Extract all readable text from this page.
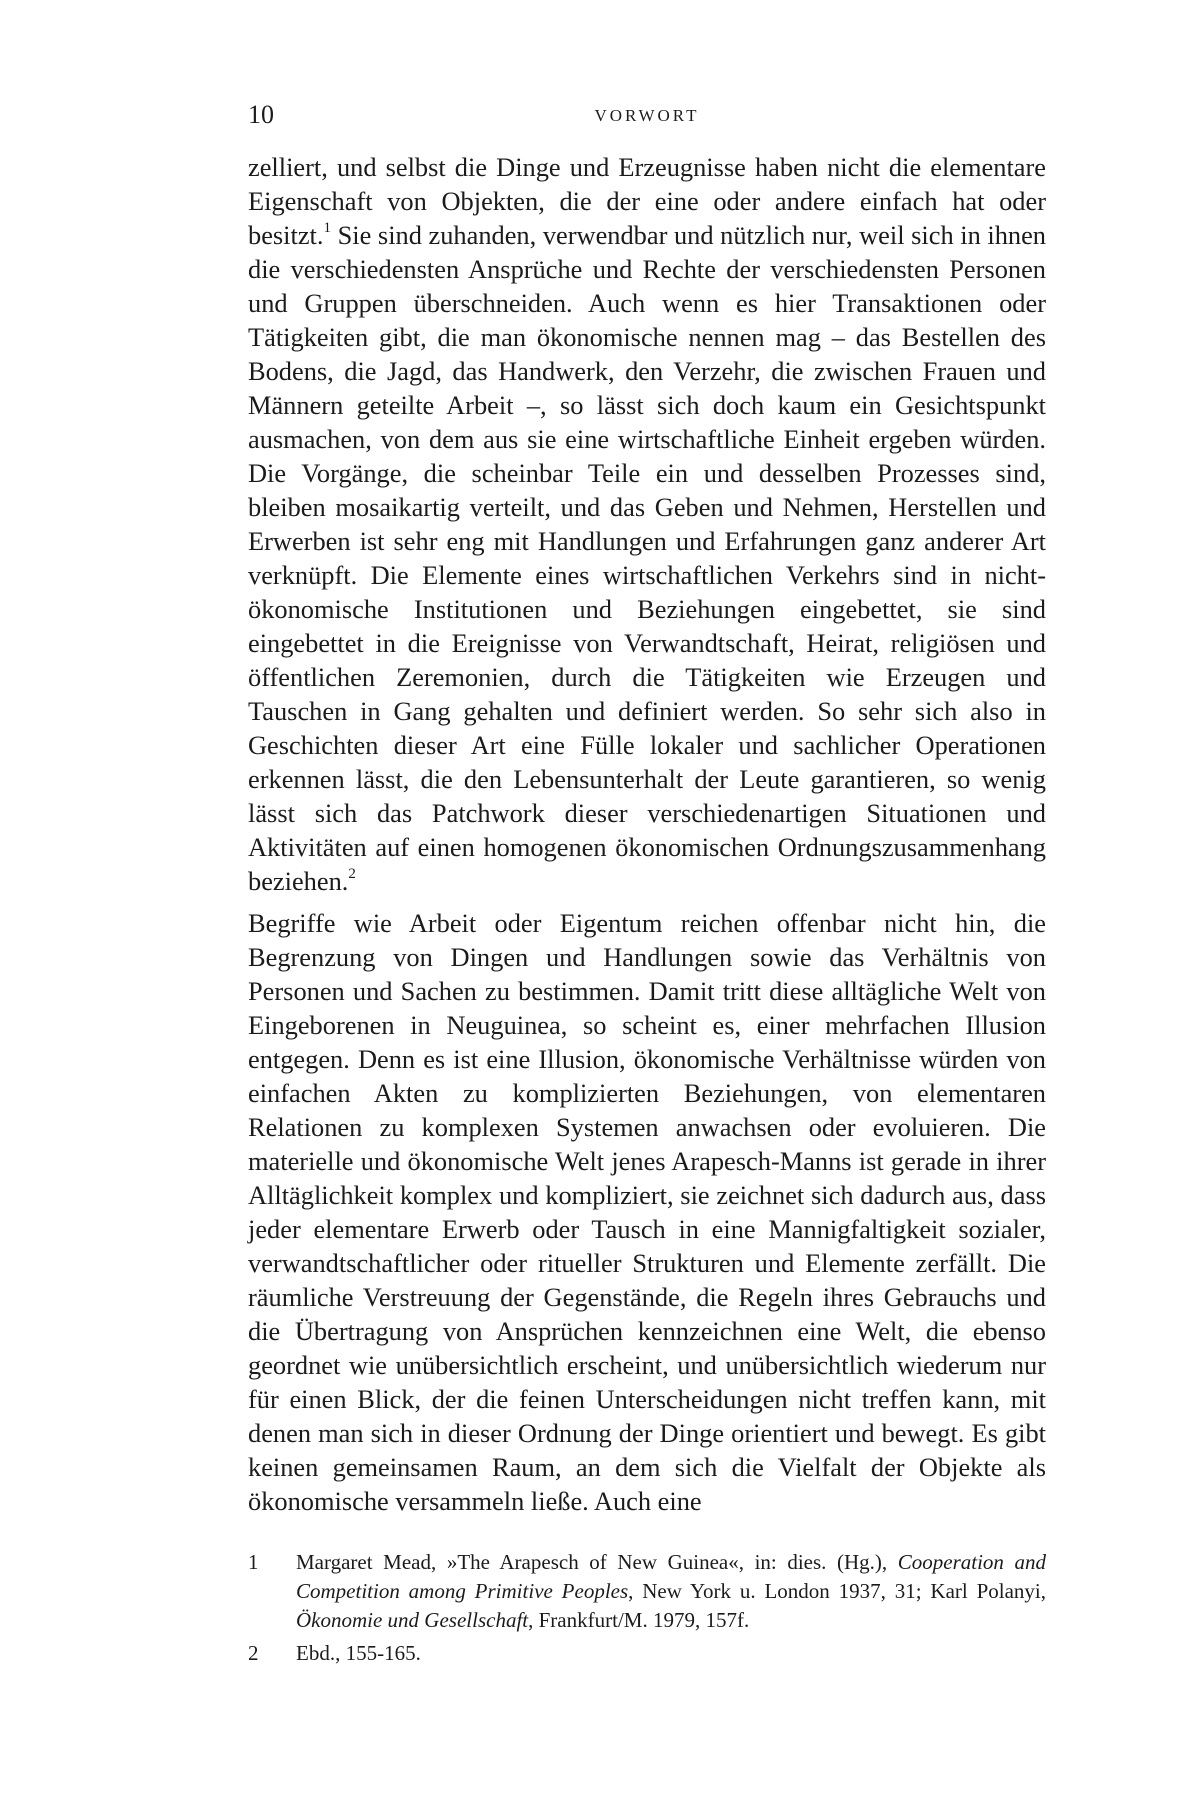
10	VORWORT

zelliert, und selbst die Dinge und Erzeugnisse haben nicht die elementare Eigenschaft von Objekten, die der eine oder andere einfach hat oder besitzt.$^1$ Sie sind zuhanden, verwendbar und nützlich nur, weil sich in ihnen die verschiedensten Ansprüche und Rechte der verschiedensten Personen und Gruppen überschneiden. Auch wenn es hier Transaktionen oder Tätigkeiten gibt, die man ökonomische nennen mag – das Bestellen des Bodens, die Jagd, das Handwerk, den Verzehr, die zwischen Frauen und Männern geteilte Arbeit –, so lässt sich doch kaum ein Gesichtspunkt ausmachen, von dem aus sie eine wirtschaftliche Einheit ergeben würden. Die Vorgänge, die scheinbar Teile ein und desselben Prozesses sind, bleiben mosaikartig verteilt, und das Geben und Nehmen, Herstellen und Erwerben ist sehr eng mit Handlungen und Erfahrungen ganz anderer Art verknüpft. Die Elemente eines wirtschaftlichen Verkehrs sind in nicht-ökonomische Institutionen und Beziehungen eingebettet, sie sind eingebettet in die Ereignisse von Verwandtschaft, Heirat, religiösen und öffentlichen Zeremonien, durch die Tätigkeiten wie Erzeugen und Tauschen in Gang gehalten und definiert werden. So sehr sich also in Geschichten dieser Art eine Fülle lokaler und sachlicher Operationen erkennen lässt, die den Lebensunterhalt der Leute garantieren, so wenig lässt sich das Patchwork dieser verschiedenartigen Situationen und Aktivitäten auf einen homogenen ökonomischen Ordnungszusammenhang beziehen.$^2$

Begriffe wie Arbeit oder Eigentum reichen offenbar nicht hin, die Begrenzung von Dingen und Handlungen sowie das Verhältnis von Personen und Sachen zu bestimmen. Damit tritt diese alltägliche Welt von Eingeborenen in Neuguinea, so scheint es, einer mehrfachen Illusion entgegen. Denn es ist eine Illusion, ökonomische Verhältnisse würden von einfachen Akten zu komplizierten Beziehungen, von elementaren Relationen zu komplexen Systemen anwachsen oder evoluieren. Die materielle und ökonomische Welt jenes Arapesch-Manns ist gerade in ihrer Alltäglichkeit komplex und kompliziert, sie zeichnet sich dadurch aus, dass jeder elementare Erwerb oder Tausch in eine Mannigfaltigkeit sozialer, verwandtschaftlicher oder ritueller Strukturen und Elemente zerfällt. Die räumliche Verstreuung der Gegenstände, die Regeln ihres Gebrauchs und die Übertragung von Ansprüchen kennzeichnen eine Welt, die ebenso geordnet wie unübersichtlich erscheint, und unübersichtlich wiederum nur für einen Blick, der die feinen Unterscheidungen nicht treffen kann, mit denen man sich in dieser Ordnung der Dinge orientiert und bewegt. Es gibt keinen gemeinsamen Raum, an dem sich die Vielfalt der Objekte als ökonomische versammeln ließe. Auch eine

1	Margaret Mead, »The Arapesch of New Guinea«, in: dies. (Hg.), Cooperation and Competition among Primitive Peoples, New York u. London 1937, 31; Karl Polanyi, Ökonomie und Gesellschaft, Frankfurt/M. 1979, 157f.
2	Ebd., 155-165.
